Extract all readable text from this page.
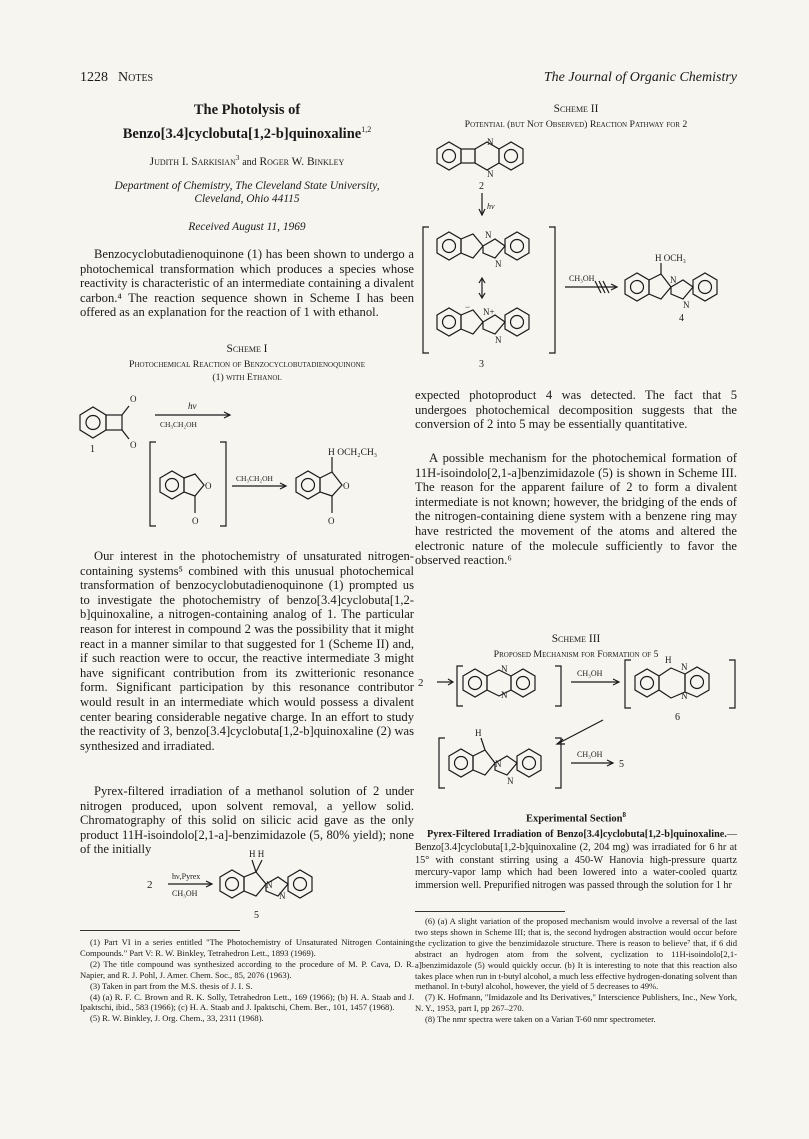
1228 Notes	The Journal of Organic Chemistry
The Photolysis of
Benzo[3.4]cyclobuta[1,2-b]quinoxaline$^{1,2}$
Judith I. Sarkisian$^3$ and Roger W. Binkley
Department of Chemistry, The Cleveland State University,
Cleveland, Ohio 44115
Received August 11, 1969
Benzocyclobutadienoquinone (1) has been shown to undergo a photochemical transformation which produces a species whose reactivity is characteristic of an intermediate containing a divalent carbon.⁴ The reaction sequence shown in Scheme I has been offered as an explanation for the reaction of 1 with ethanol.
Scheme I
Photochemical Reaction of Benzocyclobutadienoquinone
(1) with Ethanol
O
O
hν
CH₃CH₂OH
1
O
O
CH₃CH₂OH
H OCH₂CH₃
O
O
Our interest in the photochemistry of unsaturated nitrogen-containing systems⁵ combined with this unusual photochemical transformation of benzocyclobutadienoquinone (1) prompted us to investigate the photochemistry of benzo[3.4]cyclobuta[1,2-b]quinoxaline, a nitrogen-containing analog of 1. The particular reason for interest in compound 2 was the possibility that it might react in a manner similar to that suggested for 1 (Scheme II) and, if such reaction were to occur, the reactive intermediate 3 might have significant contribution from its zwitterionic resonance form. Significant participation by this resonance contributor would result in an intermediate which would possess a divalent center bearing considerable negative charge. In an effort to study the reactivity of 3, benzo[3.4]cyclobuta[1,2-b]quinoxaline (2) was synthesized and irradiated.
Pyrex-filtered irradiation of a methanol solution of 2 under nitrogen produced, upon solvent removal, a yellow solid. Chromatography of this solid on silicic acid gave as the only product 11H-isoindolo[2,1-a]-benzimidazole (5, 80% yield); none of the initially
2
hν,Pyrex
CH₃OH
H H
N
N
5
(1) Part VI in a series entitled "The Photochemistry of Unsaturated Nitrogen Containing Compounds." Part V: R. W. Binkley, Tetrahedron Lett., 1893 (1969).
(2) The title compound was synthesized according to the procedure of M. P. Cava, D. R. Napier, and R. J. Pohl, J. Amer. Chem. Soc., 85, 2076 (1963).
(3) Taken in part from the M.S. thesis of J. I. S.
(4) (a) R. F. C. Brown and R. K. Solly, Tetrahedron Lett., 169 (1966); (b) H. A. Staab and J. Ipaktschi, ibid., 583 (1966); (c) H. A. Staab and J. Ipaktschi, Chem. Ber., 101, 1457 (1968).
(5) R. W. Binkley, J. Org. Chem., 33, 2311 (1968).
Scheme II
Potential (but Not Observed) Reaction Pathway for 2
N
N
2
hν
N
N
− N+
N
3
CH₃OH
H OCH₃
N
N
4
expected photoproduct 4 was detected. The fact that 5 undergoes photochemical decomposition suggests that the conversion of 2 into 5 may be essentially quantitative.
A possible mechanism for the photochemical formation of 11H-isoindolo[2,1-a]benzimidazole (5) is shown in Scheme III. The reason for the apparent failure of 2 to form a divalent intermediate is not known; however, the bridging of the ends of the nitrogen-containing diene system with a benzene ring may have restricted the movement of the atoms and altered the electronic nature of the molecule sufficiently to favor the observed reaction.⁶
Scheme III
Proposed Mechanism for Formation of 5
2
N
N
CH₃OH
H
N
N
6
H
N
N
CH₃OH
5
Experimental Section$^8$
Pyrex-Filtered Irradiation of Benzo[3.4]cyclobuta[1,2-b]quinoxaline.—Benzo[3.4]cyclobuta[1,2-b]quinoxaline (2, 204 mg) was irradiated for 6 hr at 15° with constant stirring using a 450-W Hanovia high-pressure quartz mercury-vapor lamp which had been lowered into a water-cooled quartz immersion well. Prepurified nitrogen was passed through the solution for 1 hr
(6) (a) A slight variation of the proposed mechanism would involve a reversal of the last two steps shown in Scheme III; that is, the second hydrogen abstraction would occur before the cyclization to give the benzimidazole structure. There is reason to believe⁷ that, if 6 did abstract an hydrogen atom from the solvent, cyclization to 11H-isoindolo[2,1-a]benzimidazole (5) would quickly occur. (b) It is interesting to note that this reaction also takes place when run in t-butyl alcohol, a much less effective hydrogen-donating solvent than methanol. In t-butyl alcohol, however, the yield of 5 decreases to 49%.
(7) K. Hofmann, "Imidazole and Its Derivatives," Interscience Publishers, Inc., New York, N. Y., 1953, part I, pp 267–270.
(8) The nmr spectra were taken on a Varian T-60 nmr spectrometer.
